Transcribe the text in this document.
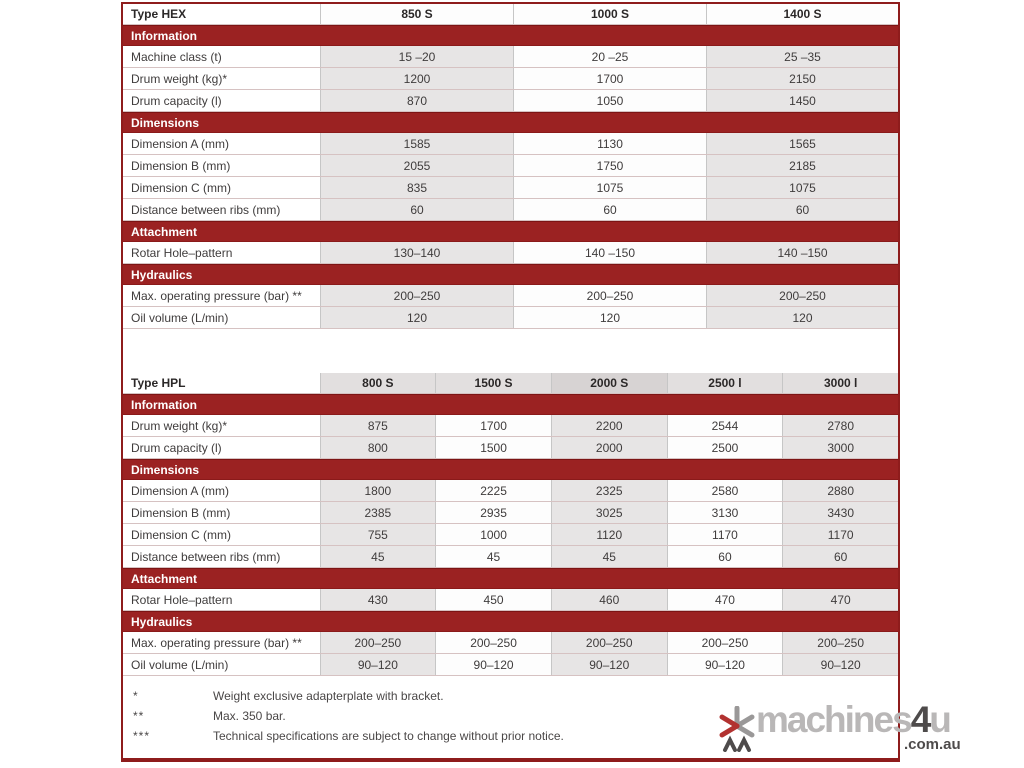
Type HEX	850 S	1000 S	1400 S
Information
Machine class (t)	15 –20	20 –25	25 –35
Drum weight (kg)*	1200	1700	2150
Drum capacity (l)	870	1050	1450
Dimensions
Dimension A (mm)	1585	1130	1565
Dimension B (mm)	2055	1750	2185
Dimension C (mm)	835	1075	1075
Distance between ribs (mm)	60	60	60
Attachment
Rotar Hole–pattern	130–140	140 –150	140 –150
Hydraulics
Max. operating pressure (bar) **	200–250	200–250	200–250
Oil volume (L/min)	120	120	120
Type HPL	800 S	1500 S	2000 S	2500 l	3000 l
Information
Drum weight (kg)*	875	1700	2200	2544	2780
Drum capacity (l)	800	1500	2000	2500	3000
Dimensions
Dimension A (mm)	1800	2225	2325	2580	2880
Dimension B (mm)	2385	2935	3025	3130	3430
Dimension C (mm)	755	1000	1120	1170	1170
Distance between ribs (mm)	45	45	45	60	60
Attachment
Rotar Hole–pattern	430	450	460	470	470
Hydraulics
Max. operating pressure (bar) **	200–250	200–250	200–250	200–250	200–250
Oil volume (L/min)	90–120	90–120	90–120	90–120	90–120
*	Weight exclusive adapterplate with bracket.
**	Max. 350 bar.
***	Technical specifications are subject to change without prior notice.	machines4u
.com.au
